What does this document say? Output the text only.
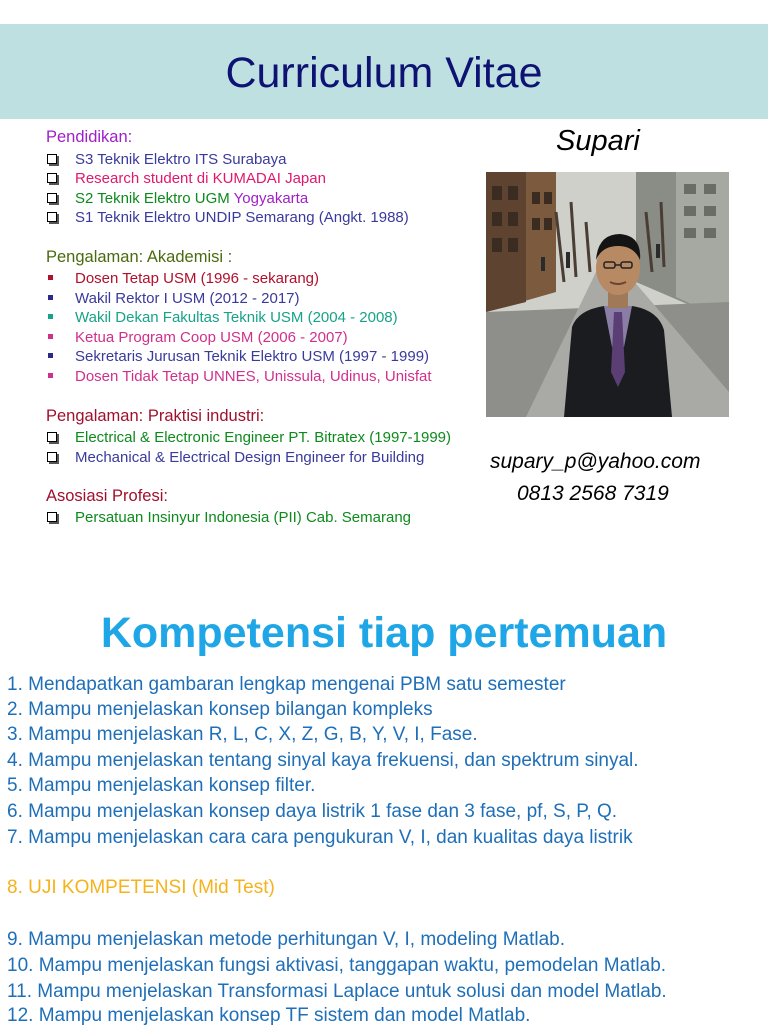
Curriculum Vitae
Pendidikan:
S3 Teknik Elektro ITS Surabaya
Research student di KUMADAI Japan
S2 Teknik Elektro UGM Yogyakarta
S1 Teknik Elektro UNDIP Semarang (Angkt. 1988)
Pengalaman: Akademisi :
Dosen Tetap USM (1996 - sekarang)
Wakil Rektor I USM (2012 - 2017)
Wakil Dekan Fakultas Teknik USM (2004 - 2008)
Ketua Program Coop USM (2006 - 2007)
Sekretaris Jurusan Teknik Elektro USM (1997 - 1999)
Dosen Tidak Tetap UNNES, Unissula, Udinus, Unisfat
Pengalaman: Praktisi industri:
Electrical & Electronic Engineer PT. Bitratex (1997-1999)
Mechanical & Electrical Design Engineer for Building
Asosiasi Profesi:
Persatuan Insinyur Indonesia (PII) Cab. Semarang
Supari
supary_p@yahoo.com
0813 2568 7319
Kompetensi tiap pertemuan
1. Mendapatkan gambaran lengkap mengenai PBM satu semester
2. Mampu menjelaskan konsep bilangan kompleks
3. Mampu menjelaskan R, L, C, X, Z, G, B, Y, V, I, Fase.
4. Mampu menjelaskan tentang sinyal kaya frekuensi, dan spektrum sinyal.
5. Mampu menjelaskan konsep filter.
6. Mampu menjelaskan konsep daya listrik 1 fase dan 3 fase, pf, S, P, Q.
7. Mampu menjelaskan cara cara pengukuran V, I, dan kualitas daya listrik
8. UJI KOMPETENSI (Mid Test)
9. Mampu menjelaskan metode perhitungan V, I, modeling Matlab.
10. Mampu menjelaskan fungsi aktivasi, tanggapan waktu, pemodelan Matlab.
11. Mampu menjelaskan Transformasi Laplace untuk solusi dan model Matlab.
12. Mampu menjelaskan konsep TF sistem dan model Matlab.
